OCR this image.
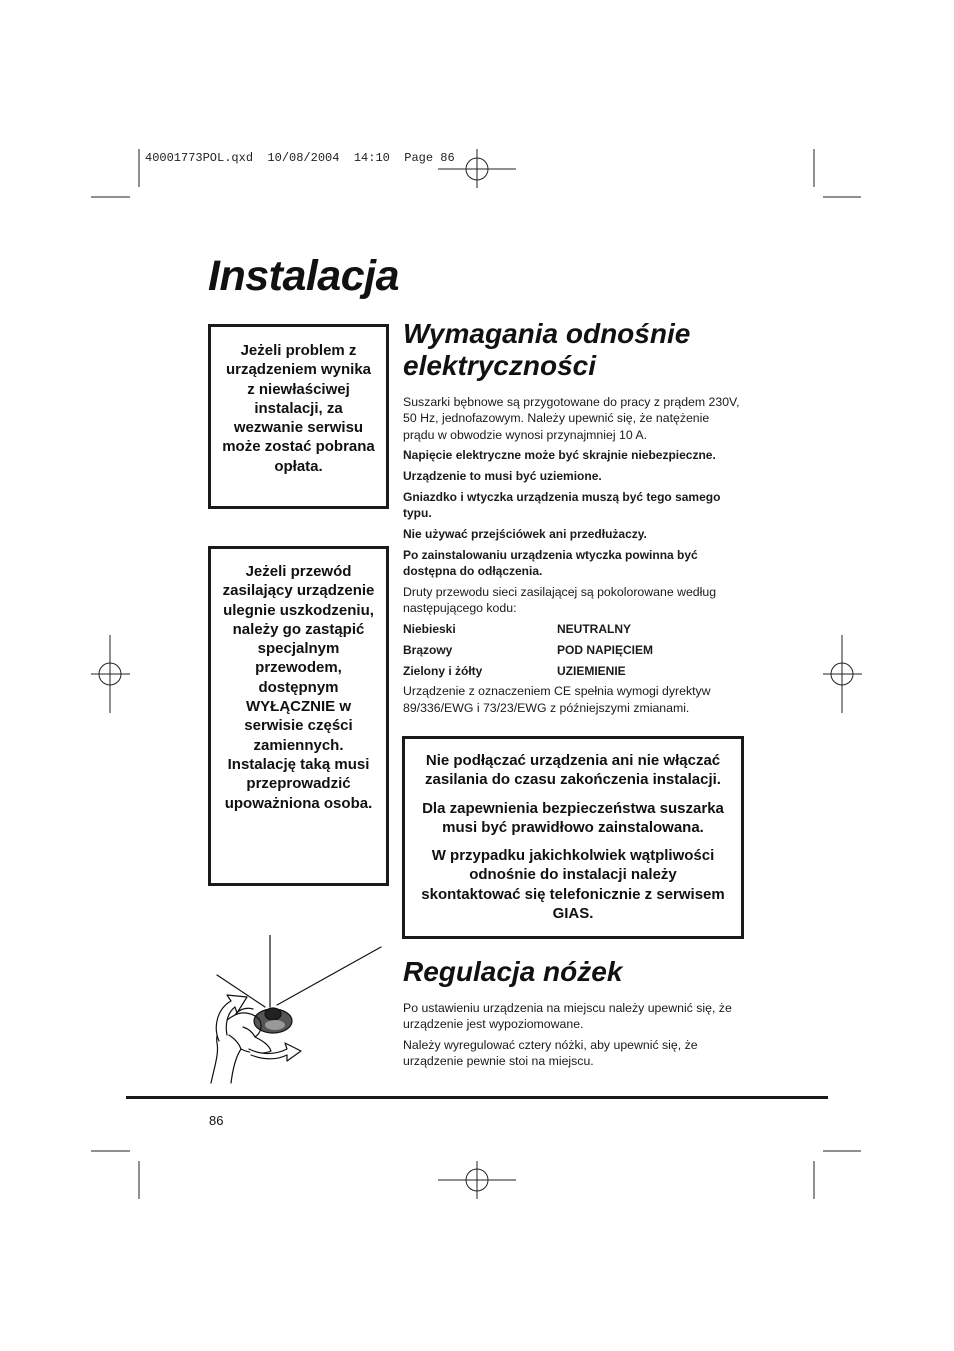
40001773POL.qxd  10/08/2004  14:10  Page 86
Instalacja
Jeżeli problem z urządzeniem wynika z niewłaściwej instalacji, za wezwanie serwisu może zostać pobrana opłata.
Jeżeli przewód zasilający urządzenie ulegnie uszkodzeniu, należy go zastąpić specjalnym przewodem, dostępnym WYŁĄCZNIE w serwisie części zamiennych. Instalację taką musi przeprowadzić upoważniona osoba.
Wymagania odnośnie elektryczności

Suszarki bębnowe są przygotowane do pracy z prądem 230V, 50 Hz, jednofazowym. Należy upewnić się, że natężenie prądu w obwodzie wynosi przynajmniej 10 A.

Napięcie elektryczne może być skrajnie niebezpieczne.

Urządzenie to musi być uziemione.

Gniazdko i wtyczka urządzenia muszą być tego samego typu.

Nie używać przejściówek ani przedłużaczy.

Po zainstalowaniu urządzenia wtyczka powinna być dostępna do odłączenia.

Druty przewodu sieci zasilającej są pokolorowane według następującego kodu:

Niebieski	NEUTRALNY
Brązowy	POD NAPIĘCIEM
Zielony i żółty	UZIEMIENIE

Urządzenie z oznaczeniem CE spełnia wymogi dyrektyw 89/336/EWG i 73/23/EWG z późniejszymi zmianami.

Nie podłączać urządzenia ani nie włączać zasilania do czasu zakończenia instalacji.

Dla zapewnienia bezpieczeństwa suszarka musi być prawidłowo zainstalowana.

W przypadku jakichkolwiek wątpliwości odnośnie do instalacji należy skontaktować się telefonicznie z serwisem GIAS.

Regulacja nóżek

Po ustawieniu urządzenia na miejscu należy upewnić się, że urządzenie jest wypoziomowane.

Należy wyregulować cztery nóżki, aby upewnić się, że urządzenie pewnie stoi na miejscu.

86
